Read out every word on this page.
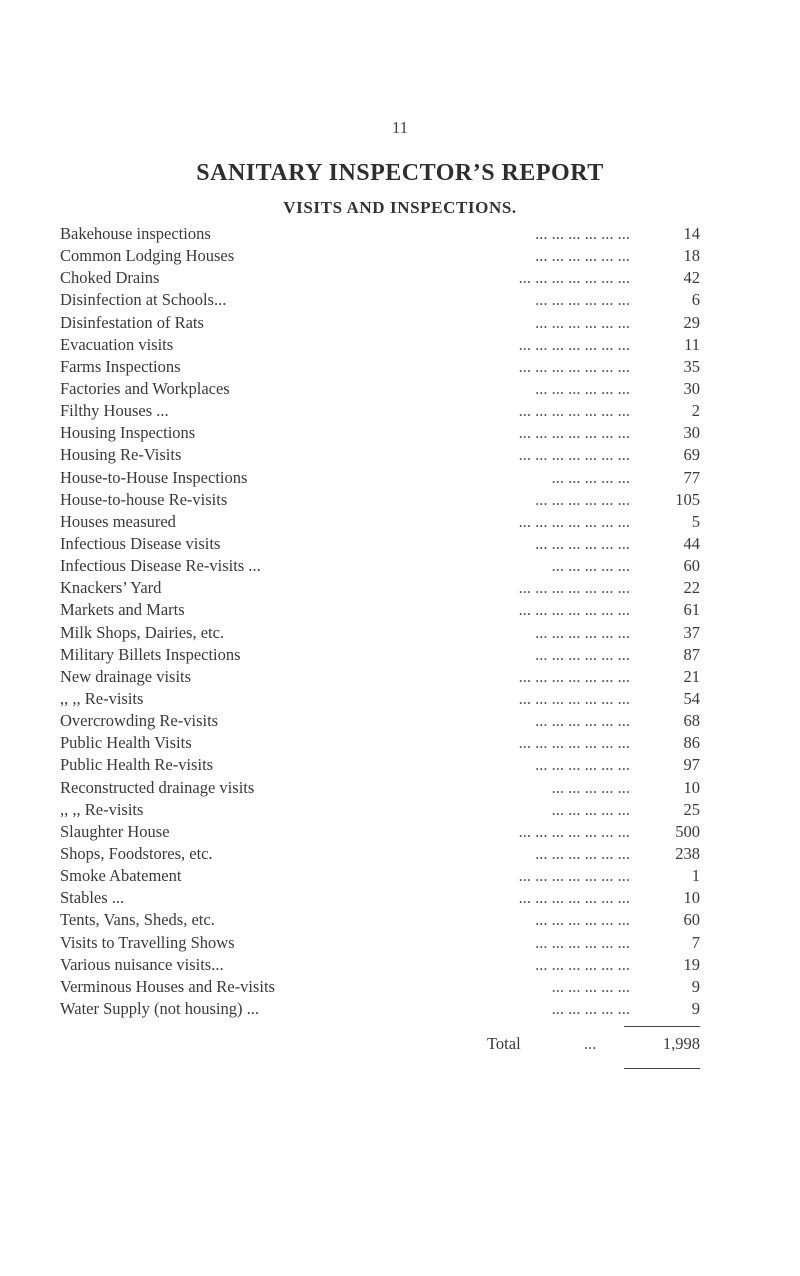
11
SANITARY INSPECTOR’S REPORT
VISITS AND INSPECTIONS.
... ... ... ... ... ...
Bakehouse inspections	14
... ... ... ... ... ...
Common Lodging Houses	18
... ... ... ... ... ... ...
Choked Drains	42
... ... ... ... ... ...
Disinfection at Schools...	6
... ... ... ... ... ...
Disinfestation of Rats	29
... ... ... ... ... ... ...
Evacuation visits	11
... ... ... ... ... ... ...
Farms Inspections	35
... ... ... ... ... ...
Factories and Workplaces	30
... ... ... ... ... ... ...
Filthy Houses ...	2
... ... ... ... ... ... ...
Housing Inspections	30
... ... ... ... ... ... ...
Housing Re-Visits	69
... ... ... ... ...
House-to-House Inspections	77
... ... ... ... ... ...
House-to-house Re-visits	105
... ... ... ... ... ... ...
Houses measured	5
... ... ... ... ... ...
Infectious Disease visits	44
... ... ... ... ...
Infectious Disease Re-visits ...	60
... ... ... ... ... ... ...
Knackers’ Yard	22
... ... ... ... ... ... ...
Markets and Marts	61
... ... ... ... ... ...
Milk Shops, Dairies, etc.	37
... ... ... ... ... ...
Military Billets Inspections	87
... ... ... ... ... ... ...
New drainage visits	21
... ... ... ... ... ... ...
,, ,, Re-visits	54
... ... ... ... ... ...
Overcrowding Re-visits	68
... ... ... ... ... ... ...
Public Health Visits	86
... ... ... ... ... ...
Public Health Re-visits	97
... ... ... ... ...
Reconstructed drainage visits	10
... ... ... ... ...
,, ,, Re-visits	25
... ... ... ... ... ... ...
Slaughter House	500
... ... ... ... ... ...
Shops, Foodstores, etc.	238
... ... ... ... ... ... ...
Smoke Abatement	1
... ... ... ... ... ... ...
Stables ...	10
... ... ... ... ... ...
Tents, Vans, Sheds, etc.	60
... ... ... ... ... ...
Visits to Travelling Shows	7
... ... ... ... ... ...
Various nuisance visits...	19
... ... ... ... ...
Verminous Houses and Re-visits	9
... ... ... ... ...
Water Supply (not housing) ...	9
Total	...	1,998
